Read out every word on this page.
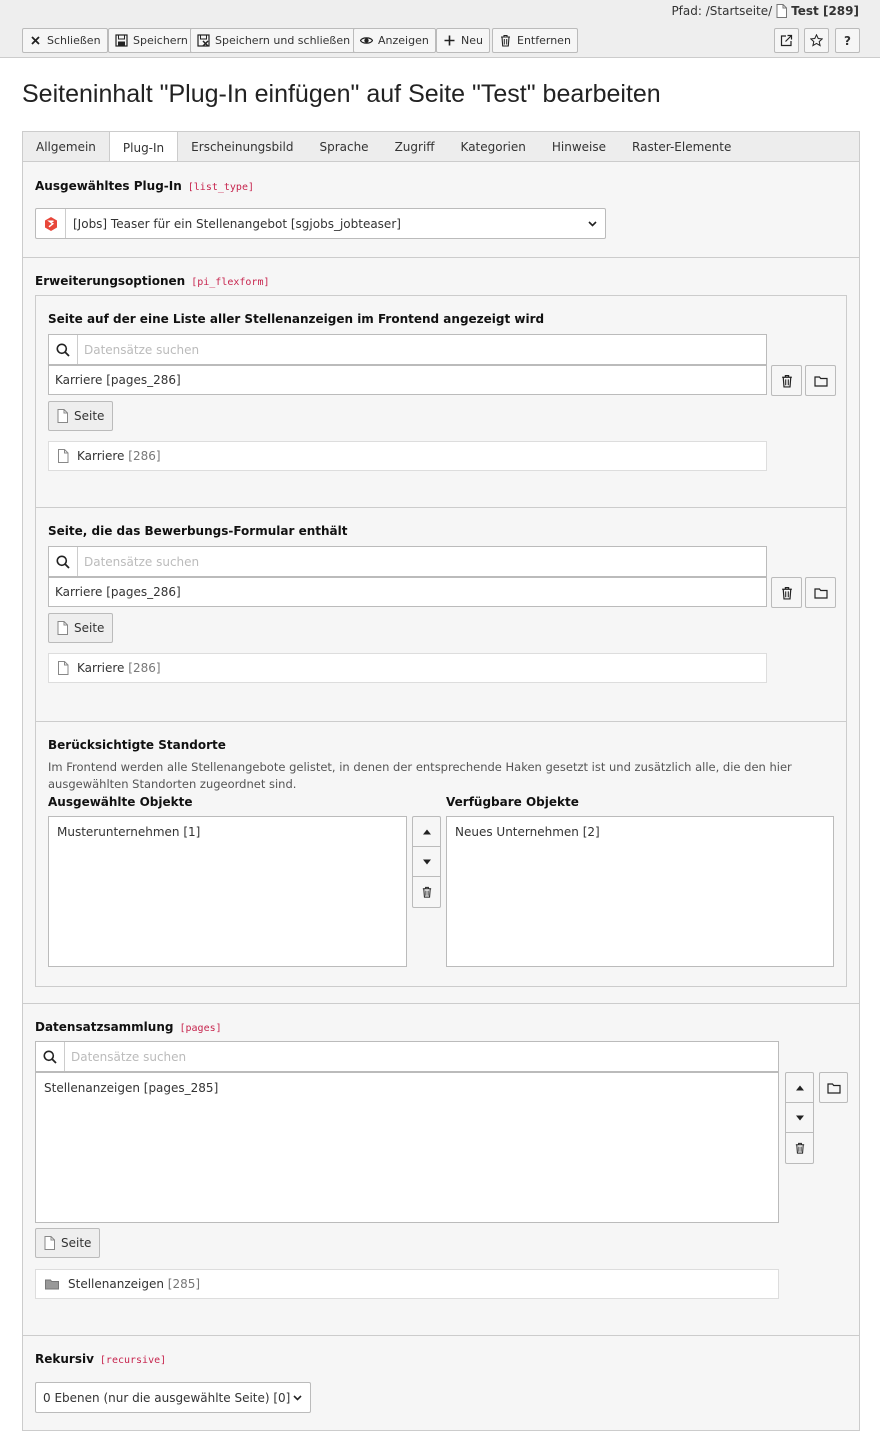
Pfad: /Startseite/ Test [289]
Schließen	Speichern Speichern und schließen	Anzeigen	Neu	Entfernen	?
Seiteninhalt "Plug-In einfügen" auf Seite "Test" bearbeiten
Allgemein	Plug-In	Erscheinungsbild	Sprache	Zugriff	Kategorien	Hinweise	Raster-Elemente
Ausgewähltes Plug-In [list_type]
[Jobs] Teaser für ein Stellenangebot [sgjobs_jobteaser]
Erweiterungsoptionen [pi_flexform]
Seite auf der eine Liste aller Stellenanzeigen im Frontend angezeigt wird
Datensätze suchen
Karriere [pages_286]
Seite
Karriere [286]
Seite, die das Bewerbungs-Formular enthält
Datensätze suchen
Karriere [pages_286]
Seite
Karriere [286]
Berücksichtigte Standorte
Im Frontend werden alle Stellenangebote gelistet, in denen der entsprechende Haken gesetzt ist und zusätzlich alle, die den hier ausgewählten Standorten zugeordnet sind.
Ausgewählte Objekte	Verfügbare Objekte
Musterunternehmen [1]	Neues Unternehmen [2]
Datensatzsammlung [pages]
Datensätze suchen
Stellenanzeigen [pages_285]
Seite
Stellenanzeigen [285]
Rekursiv [recursive]
0 Ebenen (nur die ausgewählte Seite) [0]
